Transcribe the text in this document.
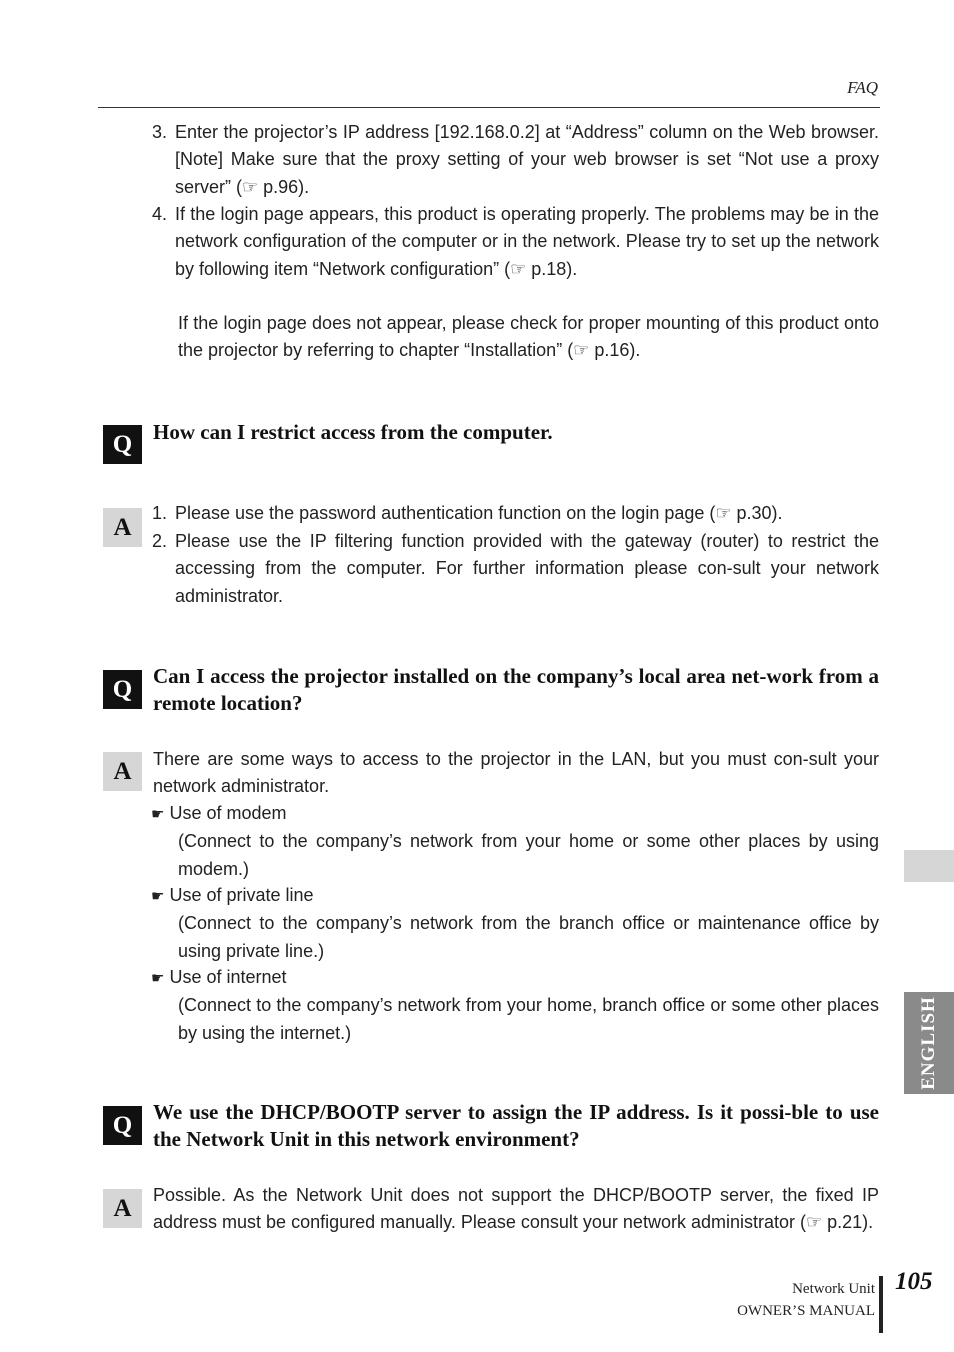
FAQ
3. Enter the projector’s IP address [192.168.0.2] at “Address” column on the Web browser. [Note] Make sure that the proxy setting of your web browser is set “Not use a proxy server” (☞ p.96).
4. If the login page appears, this product is operating properly. The problems may be in the network configuration of the computer or in the network. Please try to set up the network by following item “Network configuration” (☞ p.18).
If the login page does not appear, please check for proper mounting of this product onto the projector by referring to chapter “Installation” (☞ p.16).
Q How can I restrict access from the computer.
A
1. Please use the password authentication function on the login page (☞ p.30).
2. Please use the IP filtering function provided with the gateway (router) to restrict the accessing from the computer. For further information please con-sult your network administrator.
Q Can I access the projector installed on the company’s local area net-work from a remote location?
A	There are some ways to access to the projector in the LAN, but you must con-sult your network administrator.
☛ Use of modem
(Connect to the company’s network from your home or some other places by using modem.)
☛ Use of private line
(Connect to the company’s network from the branch office or maintenance office by using private line.)
☛ Use of internet
(Connect to the company’s network from your home, branch office or some other places by using the internet.)
Q We use the DHCP/BOOTP server to assign the IP address. Is it possi-ble to use the Network Unit in this network environment?
A	Possible. As the Network Unit does not support the DHCP/BOOTP server, the fixed IP address must be configured manually. Please consult your network administrator (☞ p.21).
ENGLISH
Network Unit
OWNER’S MANUAL
105
